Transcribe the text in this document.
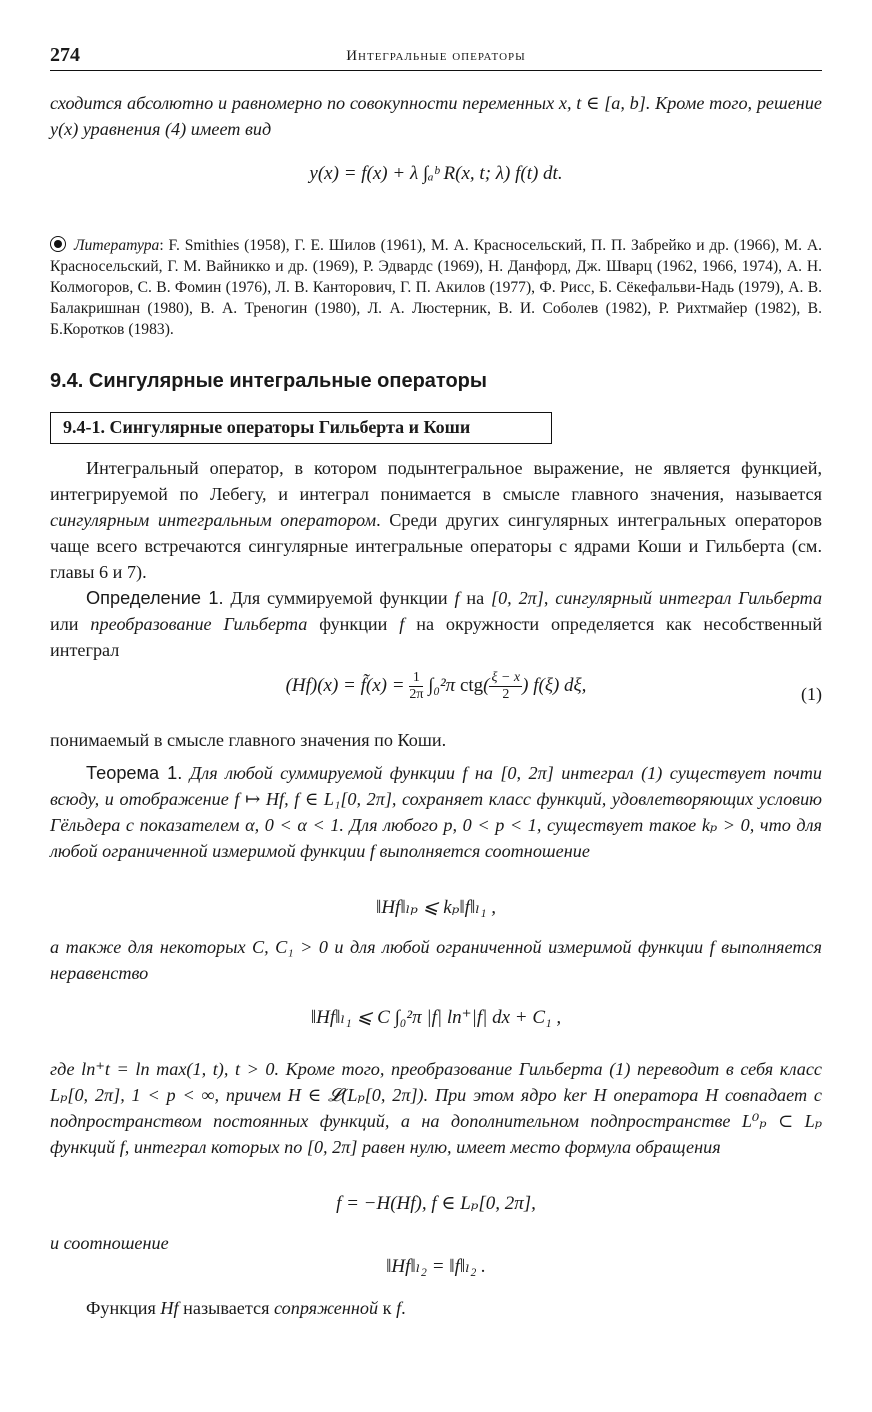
274	Интегральные операторы

сходится абсолютно и равномерно по совокупности переменных x, t ∈ [a, b]. Кроме того, решение y(x) уравнения (4) имеет вид

y(x) = f(x) + λ ∫ₐᵇ R(x, t; λ) f(t) dt.

Литература: F. Smithies (1958), Г. Е. Шилов (1961), М. А. Красносельский, П. П. Забрейко и др. (1966), М. А. Красносельский, Г. М. Вайникко и др. (1969), Р. Эдвардс (1969), Н. Данфорд, Дж. Шварц (1962, 1966, 1974), А. Н. Колмогоров, С. В. Фомин (1976), Л. В. Канторович, Г. П. Акилов (1977), Ф. Рисс, Б. Сёкефальви-Надь (1979), А. В. Балакришнан (1980), В. А. Треногин (1980), Л. А. Люстерник, В. И. Соболев (1982), Р. Рихтмайер (1982), В. Б.Коротков (1983).

9.4. Сингулярные интегральные операторы
9.4-1. Сингулярные операторы Гильберта и Коши

Интегральный оператор, в котором подынтегральное выражение, не является функцией, интегрируемой по Лебегу, и интеграл понимается в смысле главного значения, называется сингулярным интегральным оператором. Среди других сингулярных интегральных операторов чаще всего встречаются сингулярные интегральные операторы с ядрами Коши и Гильберта (см. главы 6 и 7).

Определение 1. Для суммируемой функции f на [0, 2π], сингулярный интеграл Гильберта или преобразование Гильберта функции f на окружности определяется как несобственный интеграл

(Hf)(x) = f̃(x) = $\frac{1}{2\pi} \int_0^2\pi$ $ctg( \frac{\xi - x}{2}$ ) f(ξ) dξ,	(1)

понимаемый в смысле главного значения по Коши.

Теорема 1. Для любой суммируемой функции f на [0, 2π] интеграл (1) существует почти всюду, и отображение f ↦ Hf, f ∈ L₁[0, 2π], сохраняет класс функций, удовлетворяющих условию Гёльдера с показателем α, 0 < α < 1. Для любого p, 0 < p < 1, существует такое kₚ > 0, что для любой ограниченной измеримой функции f выполняется соотношение

‖Hf‖ₗₚ ⩽ kₚ‖f‖ₗ₁ ,

а также для некоторых C, C₁ > 0 и для любой ограниченной измеримой функции f выполняется неравенство

‖Hf‖ₗ₁ ⩽ C ∫₀²π |f| ln⁺|f| dx + C₁ ,

где ln⁺t = ln max(1, t), t > 0. Кроме того, преобразование Гильберта (1) переводит в себя класс Lₚ[0, 2π], 1 < p < ∞, причем H ∈ 𝓛(Lₚ[0, 2π]). При этом ядро ker H оператора H совпадает с подпространством постоянных функций, а на дополнительном подпространстве L⁰ₚ ⊂ Lₚ функций f, интеграл которых по [0, 2π] равен нулю, имеет место формула обращения

f = −H(Hf), f ∈ Lₚ[0, 2π],

и соотношение

‖Hf‖ₗ₂ = ‖f‖ₗ₂ .

Функция Hf называется сопряженной к f.
